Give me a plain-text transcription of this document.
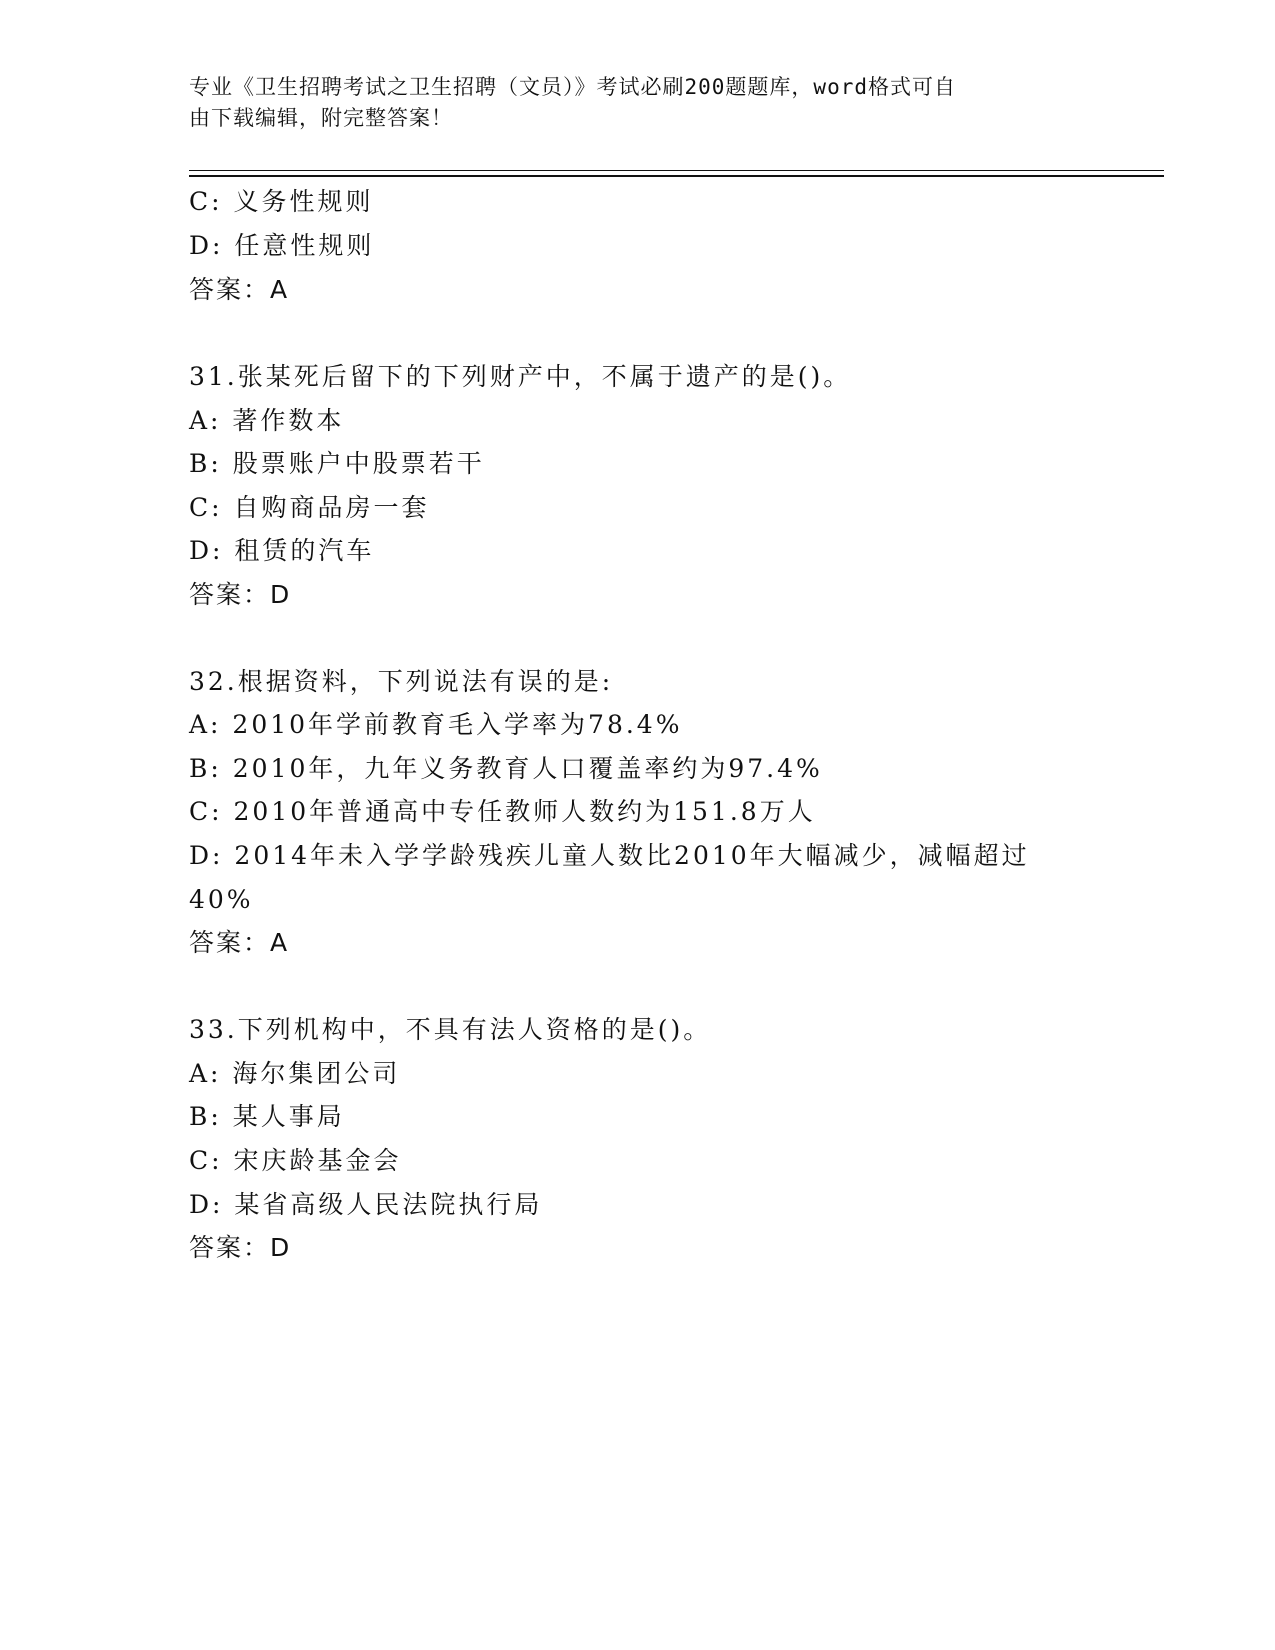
专业《卫生招聘考试之卫生招聘（文员）》考试必刷200题题库，word格式可自
由下载编辑，附完整答案！
C: 义务性规则
D: 任意性规则
答案：A
31.张某死后留下的下列财产中，不属于遗产的是()。
A: 著作数本
B: 股票账户中股票若干
C: 自购商品房一套
D: 租赁的汽车
答案：D
32.根据资料，下列说法有误的是:
A: 2010年学前教育毛入学率为78.4%
B: 2010年，九年义务教育人口覆盖率约为97.4%
C: 2010年普通高中专任教师人数约为151.8万人
D: 2014年未入学学龄残疾儿童人数比2010年大幅减少，减幅超过
40%
答案：A
33.下列机构中，不具有法人资格的是()。
A: 海尔集团公司
B: 某人事局
C: 宋庆龄基金会
D: 某省高级人民法院执行局
答案：D
